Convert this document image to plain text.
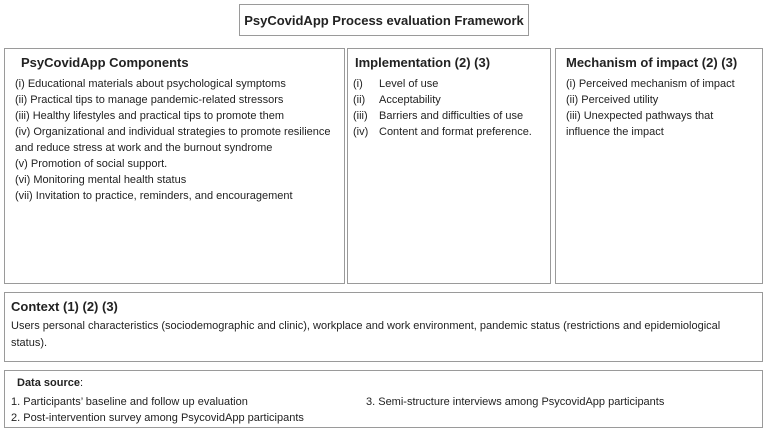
PsyCovidApp Process evaluation Framework
PsyCovidApp Components
(i) Educational materials about psychological symptoms
(ii) Practical tips to manage pandemic-related stressors
(iii) Healthy lifestyles and practical tips to promote them
(iv) Organizational and individual strategies to promote resilience and reduce stress at work and the burnout syndrome
(v) Promotion of social support.
(vi) Monitoring mental health status
(vii) Invitation to practice, reminders, and encouragement
Implementation (2) (3)
(i)	Level of use
(ii)	Acceptability
(iii)	Barriers and difficulties of use
(iv) Content and format preference.
Mechanism of impact (2) (3)
(i) Perceived mechanism of impact
(ii) Perceived utility
(iii) Unexpected pathways that influence the impact
Context (1) (2) (3)
Users personal characteristics (sociodemographic and clinic), workplace and work environment, pandemic status (restrictions and epidemiological status).
Data source:
1. Participants’ baseline and follow up evaluation
2. Post-intervention survey among PsycovidApp participants
3. Semi-structure interviews among PsycovidApp participants
